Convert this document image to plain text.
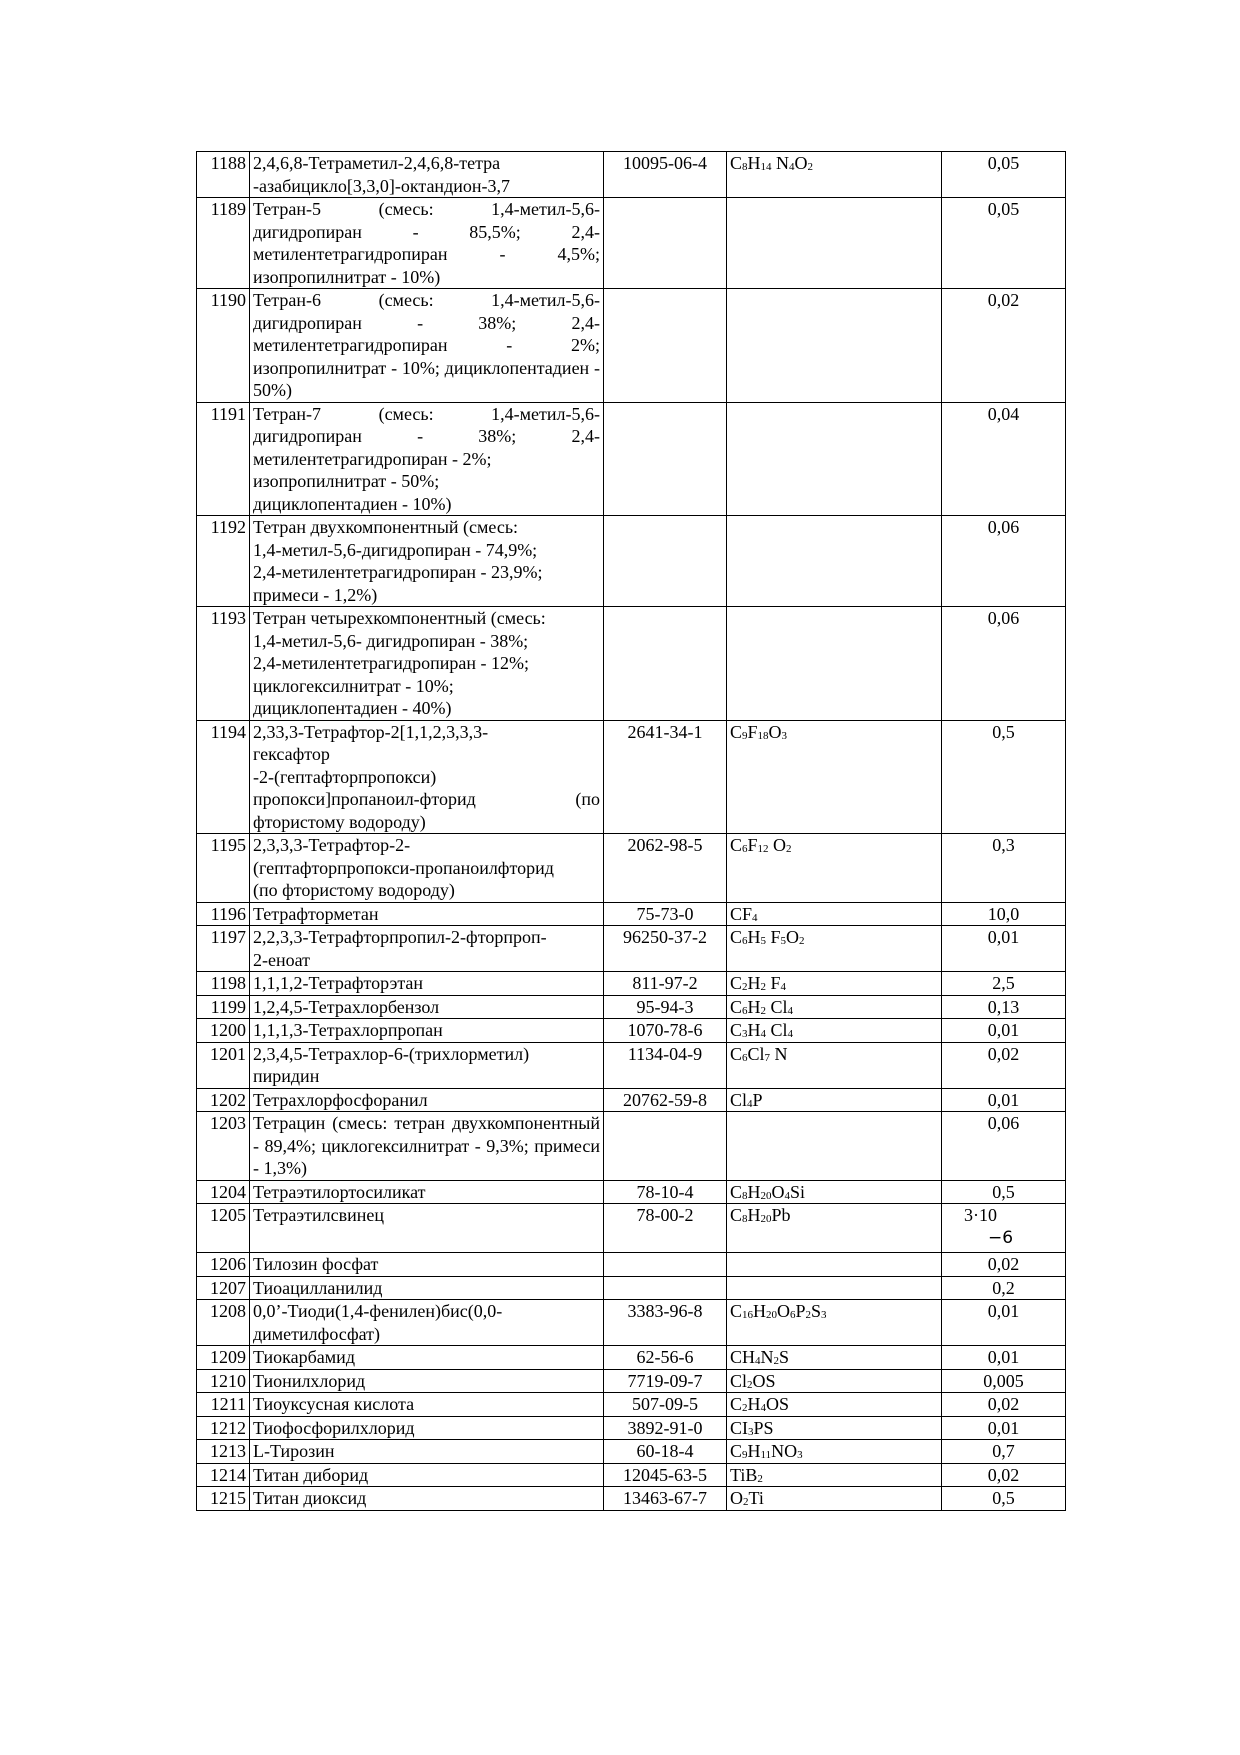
1188	2,4,6,8-Тетраметил-2,4,6,8-тетра
-азабицикло[3,3,0]-октандион-3,7	10095-06-4	$C_8H_{14}$ $N_4O_2$	0,05
1189	Тетран-5 (смесь: 1,4-метил-5,6-дигидропиран - 85,5%; 2,4-метилентетрагидропиран - 4,5%; изопропилнитрат - 10%)			0,05
1190	Тетран-6 (смесь: 1,4-метил-5,6-дигидропиран - 38%; 2,4-метилентетрагидропиран - 2%; изопропилнитрат - 10%; дициклопентадиен - 50%)			0,02
1191	Тетран-7 (смесь: 1,4-метил-5,6-дигидропиран - 38%; 2,4-метилентетрагидропиран - 2%;
изопропилнитрат - 50%;
дициклопентадиен - 10%)			0,04
1192	Тетран двухкомпонентный (смесь:
1,4-метил-5,6-дигидропиран - 74,9%;
2,4-метилентетрагидропиран - 23,9%;
примеси - 1,2%)			0,06
1193	Тетран четырехкомпонентный (смесь:
1,4-метил-5,6- дигидропиран - 38%;
2,4-метилентетрагидропиран - 12%;
циклогексилнитрат - 10%;
дициклопентадиен - 40%)			0,06
1194	2,33,3-Тетрафтор-2[1,1,2,3,3,3-
гексафтор
-2-(гептафторпропокси)
пропокси]пропаноил-фторид (по фтористому водороду)	2641-34-1	$C_9F_{18}O_3$	0,5
1195	2,3,3,3-Тетрафтор-2-
(гептафторпропокси-пропаноилфторид
(по фтористому водороду)	2062-98-5	$C_6F_{12}$ $O_2$	0,3
1196	Тетрафторметан	75-73-0	$CF_4$	10,0
1197	2,2,3,3-Тетрафторпропил-2-фторпроп-
2-еноат	96250-37-2	$C_6H_5$ $F_5O_2$	0,01
1198	1,1,1,2-Тетрафторэтан	811-97-2	$C_2H_2$ $F_4$	2,5
1199	1,2,4,5-Тетрахлорбензол	95-94-3	$C_6H_2$ $Cl_4$	0,13
1200	1,1,1,3-Тетрахлорпропан	1070-78-6	$C_3H_4$ $Cl_4$	0,01
1201	2,3,4,5-Тетрахлор-6-(трихлорметил)
пиридин	1134-04-9	$C_6Cl_7$ N	0,02
1202	Тетрахлорфосфоранил	20762-59-8	$Cl_4P$	0,01
1203	Тетрацин (смесь: тетран двухкомпонентный - 89,4%; циклогексилнитрат - 9,3%; примеси - 1,3%)			0,06
1204	Тетраэтилортосиликат	78-10-4	$C_8H_{20}O_4Si$	0,5
1205	Тетраэтилсвинец	78-00-2	$C_8H_{20}Pb$	3·10
−6

1206	Тилозин фосфат			0,02
1207	Тиоацилланилид			0,2
1208	0,0’-Тиоди(1,4-фенилен)бис(0,0-
диметилфосфат)	3383-96-8	$C_{16}H_{20}O_6P_2S_3$	0,01
1209	Тиокарбамид	62-56-6	$CH_4N_2S$	0,01
1210	Тионилхлорид	7719-09-7	$Cl_2OS$	0,005
1211	Тиоуксусная кислота	507-09-5	$C_2H_4OS$	0,02
1212	Тиофосфорилхлорид	3892-91-0	$CI_3PS$	0,01
1213	L-Тирозин	60-18-4	$C_9H_{11}NO_3$	0,7
1214	Титан диборид	12045-63-5	TiB$_2$	0,02
1215	Титан диоксид	13463-67-7	$O_2Ti$	0,5
